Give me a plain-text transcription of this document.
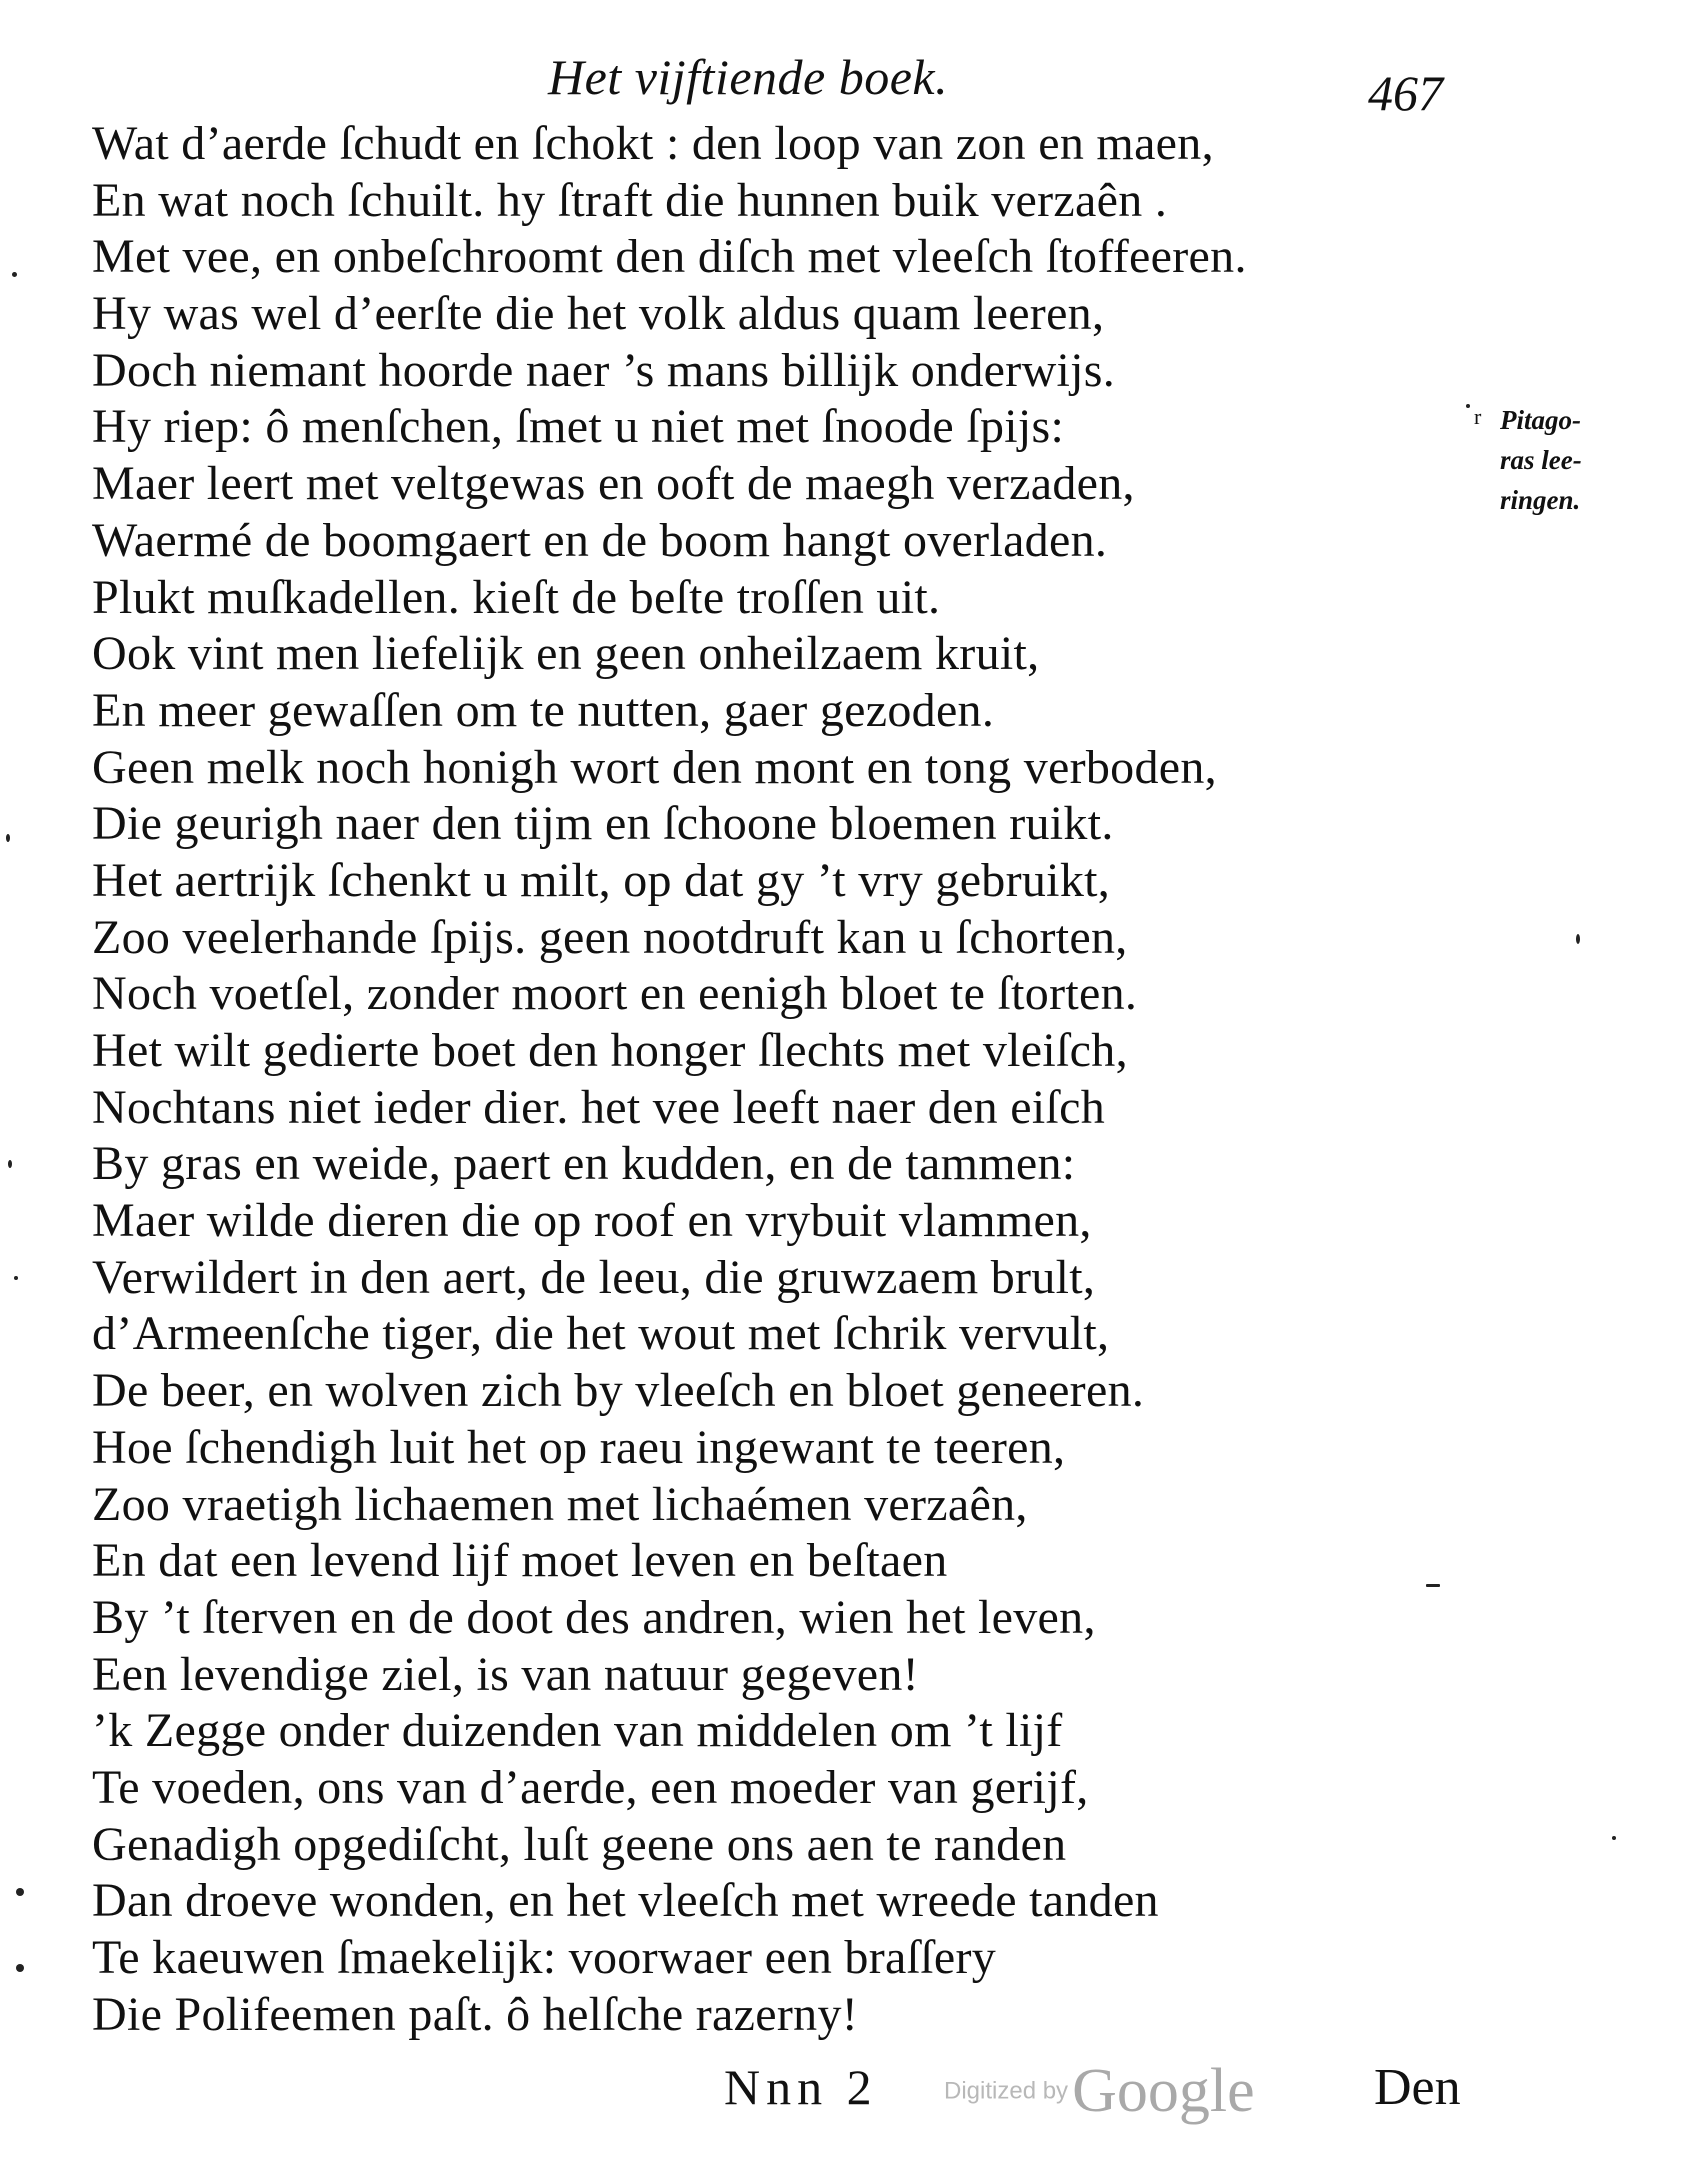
Het vijftiende boek.	467
Wat d’aerde ſchudt en ſchokt : den loop van zon en maen,
En wat noch ſchuilt. hy ſtraft die hunnen buik verzaên .
Met vee, en onbeſchroomt den diſch met vleeſch ſtoffeeren.
Hy was wel d’eerſte die het volk aldus quam leeren,
Doch niemant hoorde naer ’s mans billijk onderwijs.
Hy riep: ô menſchen, ſmet u niet met ſnoode ſpijs:
Maer leert met veltgewas en ooft de maegh verzaden,
Waermé de boomgaert en de boom hangt overladen.
Plukt muſkadellen. kieſt de beſte troſſen uit.
Ook vint men liefelijk en geen onheilzaem kruit,
En meer gewaſſen om te nutten, gaer gezoden.
Geen melk noch honigh wort den mont en tong verboden,
Die geurigh naer den tijm en ſchoone bloemen ruikt.
Het aertrijk ſchenkt u milt, op dat gy ’t vry gebruikt,
Zoo veelerhande ſpijs. geen nootdruft kan u ſchorten,
Noch voetſel, zonder moort en eenigh bloet te ſtorten.
Het wilt gedierte boet den honger ſlechts met vleiſch,
Nochtans niet ieder dier. het vee leeft naer den eiſch
By gras en weide, paert en kudden, en de tammen:
Maer wilde dieren die op roof en vrybuit vlammen,
Verwildert in den aert, de leeu, die gruwzaem brult,
d’Armeenſche tiger, die het wout met ſchrik vervult,
De beer, en wolven zich by vleeſch en bloet geneeren.
Hoe ſchendigh luit het op raeu ingewant te teeren,
Zoo vraetigh lichaemen met lichaémen verzaên,
En dat een levend lijf moet leven en beſtaen
By ’t ſterven en de doot des andren, wien het leven,
Een levendige ziel, is van natuur gegeven!
’k Zegge onder duizenden van middelen om ’t lijf
Te voeden, ons van d’aerde, een moeder van gerijf,
Genadigh opgediſcht, luſt geene ons aen te randen
Dan droeve wonden, en het vleeſch met wreede tanden
Te kaeuwen ſmaekelijk: voorwaer een braſſery
Die Polifeemen paſt. ô helſche razerny!
r Pitago-
ras lee-
ringen.
Nnn 2	Digitized by Google Den
